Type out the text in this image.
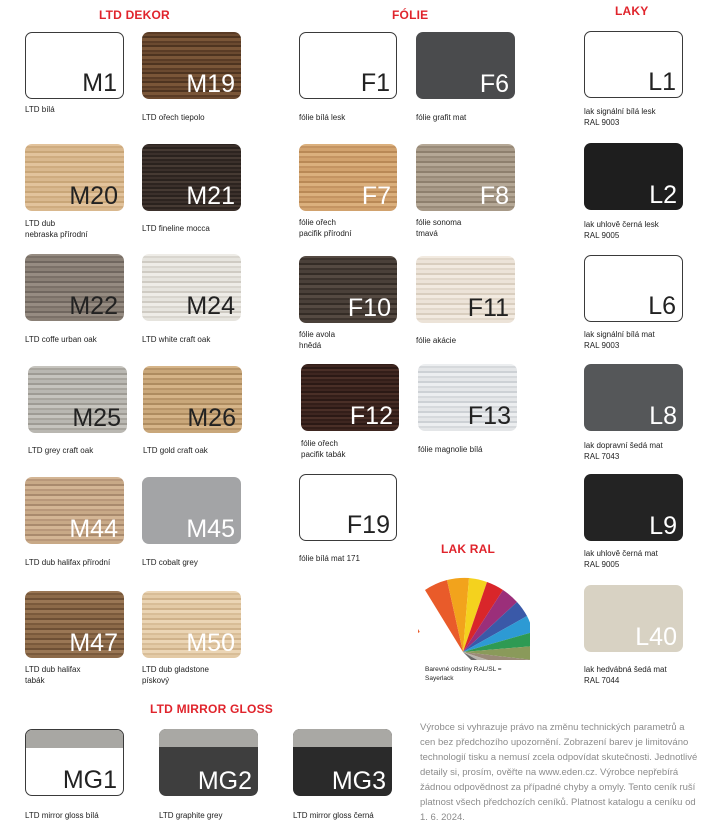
LTD DEKOR	FÓLIE	LAKY
LAK RAL
LTD MIRROR GLOSS
M1
LTD bílá
M19
LTD ořech tiepolo
M20
LTD dub
nebraska přírodní
M21
LTD fineline mocca
M22
LTD coffe urban oak
M24
LTD white craft oak
M25
LTD grey craft oak
M26
LTD gold craft oak
M44
LTD dub halifax přírodní
M45
LTD cobalt grey
M47
LTD dub halifax
tabák
M50
LTD dub gladstone
pískový
F1
fólie bílá lesk
F6
fólie grafit mat
F7
fólie ořech
pacifik přírodní
F8
fólie sonoma
tmavá
F10
fólie avola
hnědá
F11
fólie akácie
F12
fólie ořech
pacifik tabák
F13
fólie magnolie bílá
F19
fólie bílá mat 171
Barevné odstíny RAL/SL =
Sayerlack
L1
lak signální bílá lesk
RAL 9003
L2
lak uhlově černá lesk
RAL 9005
L6
lak signální bílá mat
RAL 9003
L8
lak dopravní šedá mat
RAL 7043
L9
lak uhlově černá mat
RAL 9005
L40
lak hedvábná šedá mat
RAL 7044
MG1
LTD mirror gloss bílá
MG2
LTD graphite grey
MG3
LTD mirror gloss černá
Výrobce si vyhrazuje právo na změnu technických parametrů a cen bez předchozího upozornění. Zobrazení barev je limitováno technologií tisku a nemusí zcela odpovídat skutečnosti. Jednotlivé detaily si, prosím, ověřte na www.eden.cz. Výrobce nepřebírá žádnou odpovědnost za případné chyby a omyly. Tento ceník ruší platnost všech předchozích ceníků. Platnost katalogu a ceníku od 1. 6. 2024.
